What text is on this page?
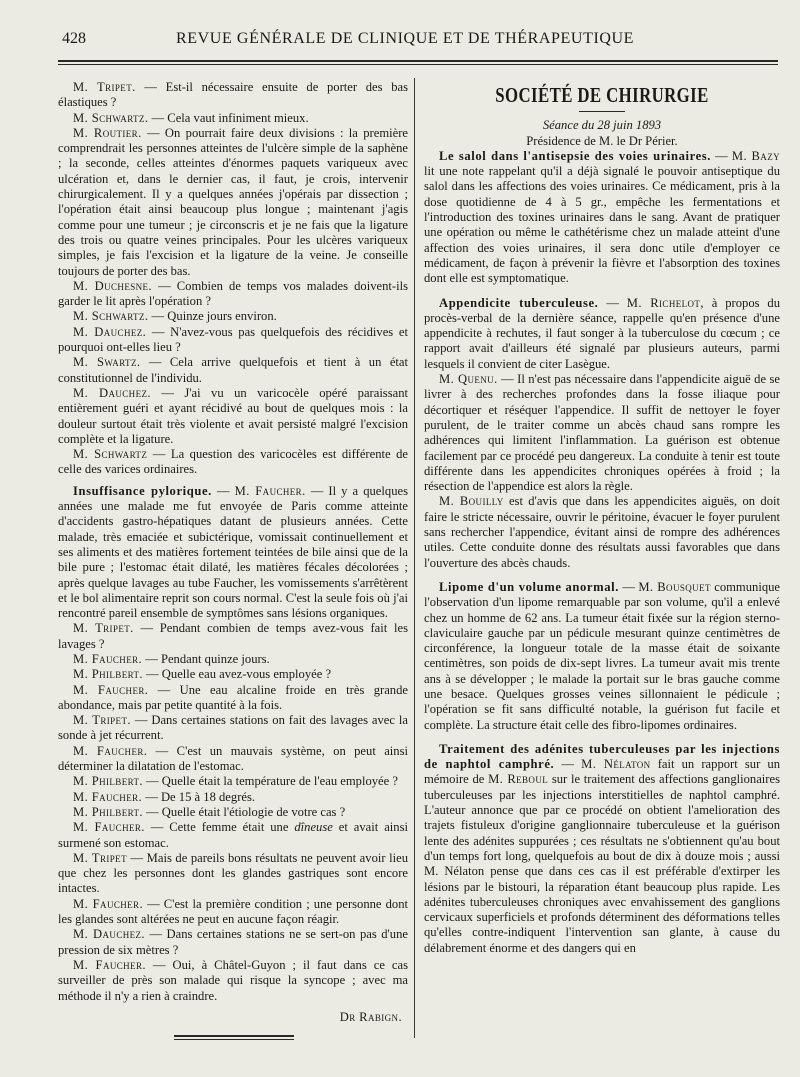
428	REVUE GÉNÉRALE DE CLINIQUE ET DE THÉRAPEUTIQUE

M. Tripet. — Est-il nécessaire ensuite de porter des bas élastiques ?

M. Schwartz. — Cela vaut infiniment mieux.

M. Routier. — On pourrait faire deux divisions : la première comprendrait les personnes atteintes de l'ulcère simple de la saphène ; la seconde, celles atteintes d'énormes paquets variqueux avec ulcération et, dans le dernier cas, il faut, je crois, intervenir chirurgicalement. Il y a quelques années j'opérais par dissection ; l'opération était ainsi beaucoup plus longue ; maintenant j'agis comme pour une tumeur ; je circonscris et je ne fais que la ligature des trois ou quatre veines principales. Pour les ulcères variqueux simples, je fais l'excision et la ligature de la veine. Je conseille toujours de porter des bas.

M. Duchesne. — Combien de temps vos malades doivent-ils garder le lit après l'opération ?

M. Schwartz. — Quinze jours environ.

M. Dauchez. — N'avez-vous pas quelquefois des récidives et pourquoi ont-elles lieu ?

M. Swartz. — Cela arrive quelquefois et tient à un état constitutionnel de l'individu.

M. Dauchez. — J'ai vu un varicocèle opéré paraissant entièrement guéri et ayant récidivé au bout de quelques mois : la douleur surtout était très violente et avait persisté malgré l'excision complète et la ligature.

M. Schwartz — La question des varicocèles est différente de celle des varices ordinaires.

Insuffisance pylorique. — M. Faucher. — Il y a quelques années une malade me fut envoyée de Paris comme atteinte d'accidents gastro-hépatiques datant de plusieurs années. Cette malade, très emaciée et subictérique, vomissait continuellement et ses aliments et des matières fortement teintées de bile ainsi que de la bile pure ; l'estomac était dilaté, les matières fécales décolorées ; après quelque lavages au tube Faucher, les vomissements s'arrêtèrent et le bol alimentaire reprit son cours normal. C'est la seule fois où j'ai rencontré pareil ensemble de symptômes sans lésions organiques.

M. Tripet. — Pendant combien de temps avez-vous fait les lavages ?

M. Faucher. — Pendant quinze jours.

M. Philbert. — Quelle eau avez-vous employée ?

M. Faucher. — Une eau alcaline froide en très grande abondance, mais par petite quantité à la fois.

M. Tripet. — Dans certaines stations on fait des lavages avec la sonde à jet récurrent.

M. Faucher. — C'est un mauvais système, on peut ainsi déterminer la dilatation de l'estomac.

M. Philbert. — Quelle était la température de l'eau employée ?

M. Faucher. — De 15 à 18 degrés.

M. Philbert. — Quelle était l'étiologie de votre cas ?

M. Faucher. — Cette femme était une dîneuse et avait ainsi surmené son estomac.

M. Tripet — Mais de pareils bons résultats ne peuvent avoir lieu que chez les personnes dont les glandes gastriques sont encore intactes.

M. Faucher. — C'est la première condition ; une personne dont les glandes sont altérées ne peut en aucune façon réagir.

M. Dauchez. — Dans certaines stations ne se sert-on pas d'une pression de six mètres ?

M. Faucher. — Oui, à Châtel-Guyon ; il faut dans ce cas surveiller de près son malade qui risque la syncope ; avec ma méthode il n'y a rien à craindre.

Dr Rabign.

SOCIÉTÉ DE CHIRURGIE

Séance du 28 juin 1893

Présidence de M. le Dr Périer.

Le salol dans l'antisepsie des voies urinaires. — M. Bazy lit une note rappelant qu'il a déjà signalé le pouvoir antiseptique du salol dans les affections des voies urinaires. Ce médicament, pris à la dose quotidienne de 4 à 5 gr., empêche les fermentations et l'introduction des toxines urinaires dans le sang. Avant de pratiquer une opération ou même le cathétérisme chez un malade atteint d'une affection des voies urinaires, il sera donc utile d'employer ce médicament, de façon à prévenir la fièvre et l'absorption des toxines dont elle est symptomatique.

Appendicite tuberculeuse. — M. Richelot, à propos du procès-verbal de la dernière séance, rappelle qu'en présence d'une appendicite à rechutes, il faut songer à la tuberculose du cœcum ; ce rapport avait d'ailleurs été signalé par plusieurs auteurs, parmi lesquels il convient de citer Lasègue.

M. Quenu. — Il n'est pas nécessaire dans l'appendicite aiguë de se livrer à des recherches profondes dans la fosse iliaque pour décortiquer et réséquer l'appendice. Il suffit de nettoyer le foyer purulent, de le traiter comme un abcès chaud sans rompre les adhérences qui limitent l'inflammation. La guérison est obtenue facilement par ce procédé peu dangereux. La conduite à tenir est toute différente dans les appendicites chroniques opérées à froid ; la résection de l'appendice est alors la règle.

M. Bouilly est d'avis que dans les appendicites aiguës, on doit faire le stricte nécessaire, ouvrir le péritoine, évacuer le foyer purulent sans rechercher l'appendice, évitant ainsi de rompre des adhérences utiles. Cette conduite donne des résultats aussi favorables que dans l'ouverture des abcès chauds.

Lipome d'un volume anormal. — M. Bousquet communique l'observation d'un lipome remarquable par son volume, qu'il a enlevé chez un homme de 62 ans. La tumeur était fixée sur la région sterno-claviculaire gauche par un pédicule mesurant quinze centimètres de circonférence, la longueur totale de la masse était de soixante centimètres, son poids de dix-sept livres. La tumeur avait mis trente ans à se développer ; le malade la portait sur le bras gauche comme une besace. Quelques grosses veines sillonnaient le pédicule ; l'opération se fit sans difficulté notable, la guérison fut facile et complète. La structure était celle des fibro-lipomes ordinaires.

Traitement des adénites tuberculeuses par les injections de naphtol camphré. — M. Nélaton fait un rapport sur un mémoire de M. Reboul sur le traitement des affections ganglionaires tuberculeuses par les injections interstitielles de naphtol camphré. L'auteur annonce que par ce procédé on obtient l'amelioration des trajets fistuleux d'origine ganglionnaire tuberculeuse et la guérison lente des adénites suppurées ; ces résultats ne s'obtiennent qu'au bout d'un temps fort long, quelquefois au bout de dix à douze mois ; aussi M. Nélaton pense que dans ces cas il est préférable d'extirper les lésions par le bistouri, la réparation étant beaucoup plus rapide. Les adénites tuberculeuses chroniques avec envahissement des ganglions cervicaux superficiels et profonds déterminent des déformations telles qu'elles contre-indiquent l'intervention san glante, à cause du délabrement énorme et des dangers qui en
